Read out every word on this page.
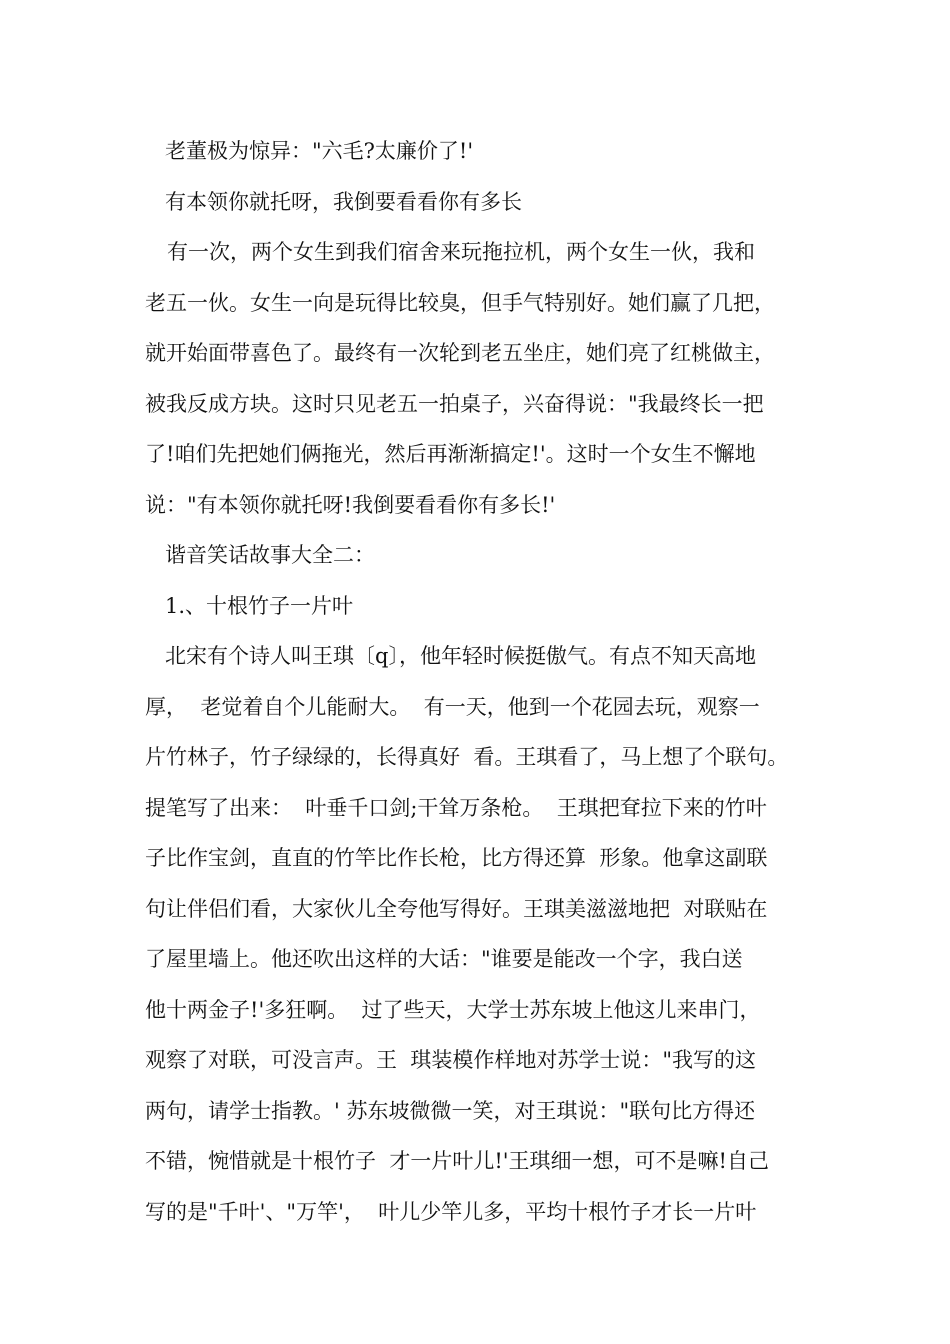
老董极为惊异："六毛?太廉价了!'
有本领你就托呀，我倒要看看你有多长
有一次，两个女生到我们宿舍来玩拖拉机，两个女生一伙，我和
老五一伙。女生一向是玩得比较臭，但手气特别好。她们赢了几把，
就开始面带喜色了。最终有一次轮到老五坐庄，她们亮了红桃做主，
被我反成方块。这时只见老五一拍桌子，兴奋得说："我最终长一把
了!咱们先把她们俩拖光，然后再渐渐搞定!'。这时一个女生不懈地
说："有本领你就托呀!我倒要看看你有多长!'
谐音笑话故事大全二：
1.、十根竹子一片叶
北宋有个诗人叫王琪〔q〕，他年轻时候挺傲气。有点不知天高地
厚，  老觉着自个儿能耐大。  有一天，他到一个花园去玩，观察一
片竹林子，竹子绿绿的，长得真好  看。王琪看了，马上想了个联句。
提笔写了出来：  叶垂千口剑;干耸万条枪。  王琪把耷拉下来的竹叶
子比作宝剑，直直的竹竿比作长枪，比方得还算  形象。他拿这副联
句让伴侣们看，大家伙儿全夸他写得好。王琪美滋滋地把  对联贴在
了屋里墙上。他还吹出这样的大话："谁要是能改一个字，我白送
他十两金子!'多狂啊。  过了些天，大学士苏东坡上他这儿来串门，
观察了对联，可没言声。王  琪装模作样地对苏学士说："我写的这
两句，请学士指教。' 苏东坡微微一笑，对王琪说："联句比方得还
不错，惋惜就是十根竹子  才一片叶儿!'王琪细一想，可不是嘛!自己
写的是"千叶'、"万竿'，  叶儿少竿儿多，平均十根竹子才长一片叶
